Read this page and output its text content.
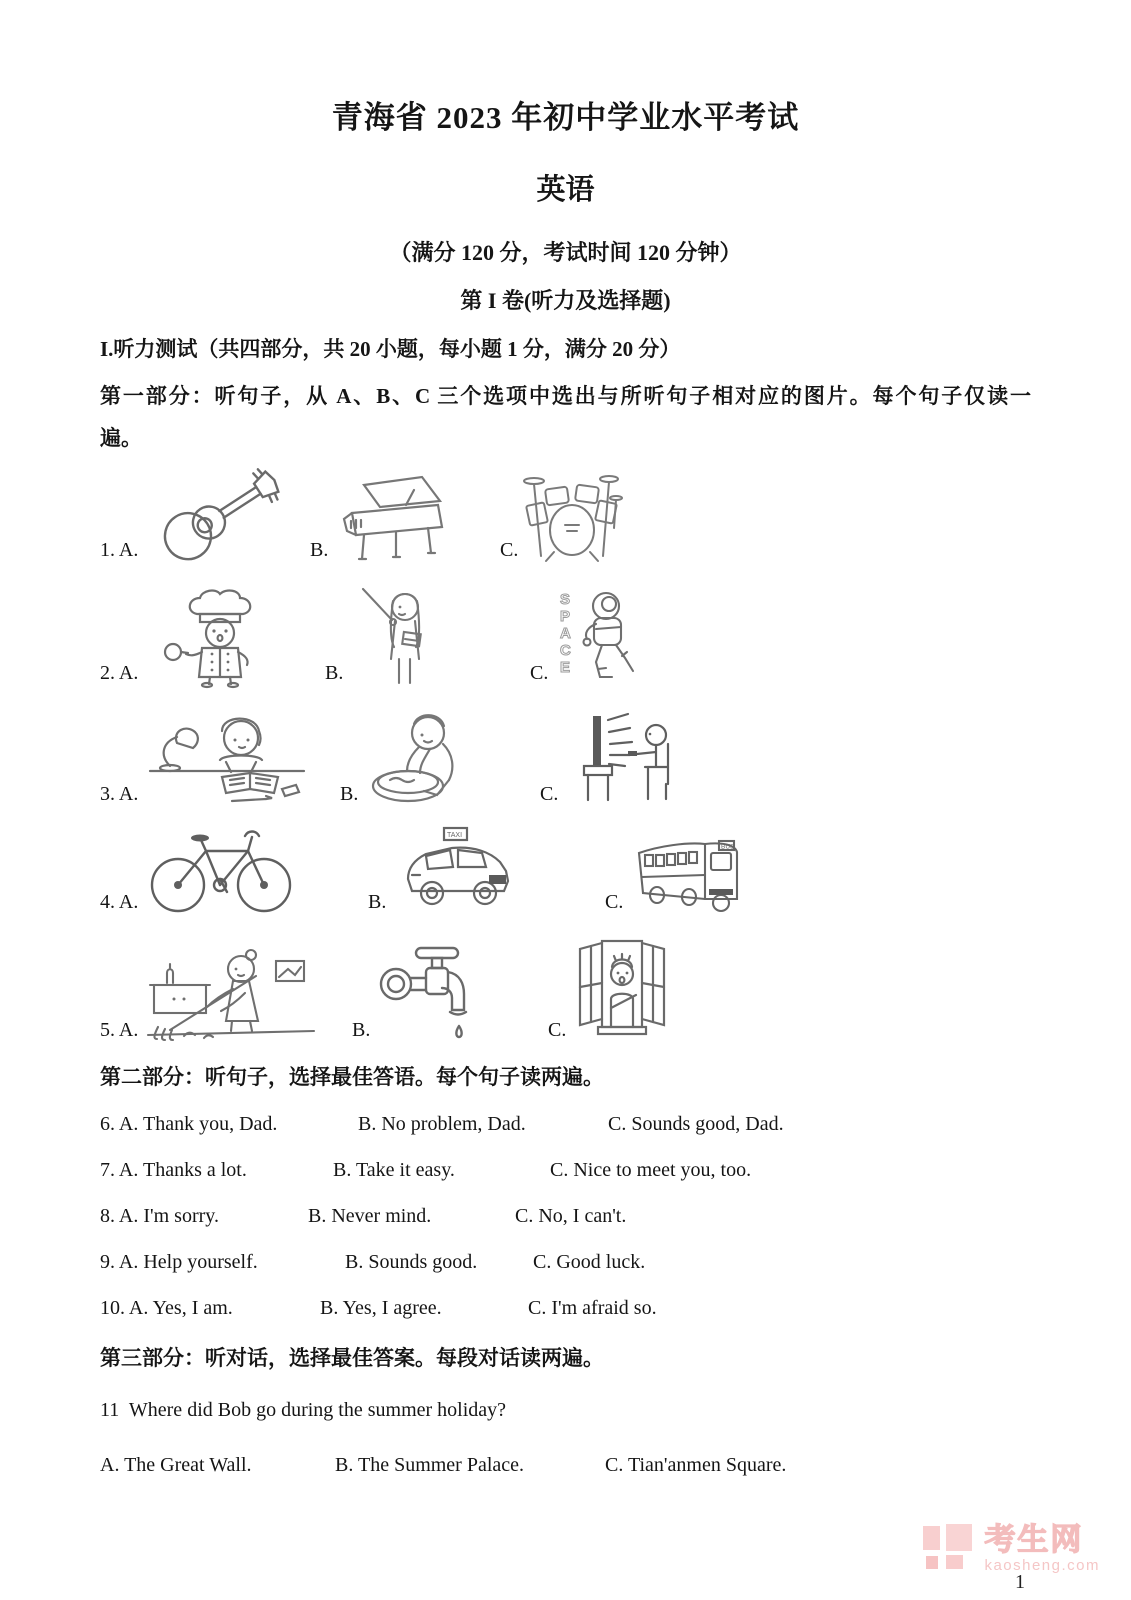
青海省 2023 年初中学业水平考试
英语
（满分 120 分，考试时间 120 分钟）
第 I 卷(听力及选择题)
I.听力测试（共四部分，共 20 小题，每小题 1 分，满分 20 分）
第一部分：听句子，从 A、B、C 三个选项中选出与所听句子相对应的图片。每个句子仅读一
遍。
1. A.	B.	C.
2. A.	B.	C.
S
P
A
C
E
3. A.	B.	C.
4. A.	B.
TAXI
C.
BUS
5. A.	B.	C.
第二部分：听句子，选择最佳答语。每个句子读两遍。
6. A. Thank you, Dad.	B. No problem, Dad.	C. Sounds good, Dad.
7. A. Thanks a lot.	B. Take it easy.	C. Nice to meet you, too.
8. A. I'm sorry.	B. Never mind.	C. No, I can't.
9. A. Help yourself.	B. Sounds good.	C. Good luck.
10. A. Yes, I am.	B. Yes, I agree.	C. I'm afraid so.
第三部分：听对话，选择最佳答案。每段对话读两遍。
11  Where did Bob go during the summer holiday?
A. The Great Wall.	B. The Summer Palace.	C. Tian'anmen Square.
考生网
kaosheng.com
1
